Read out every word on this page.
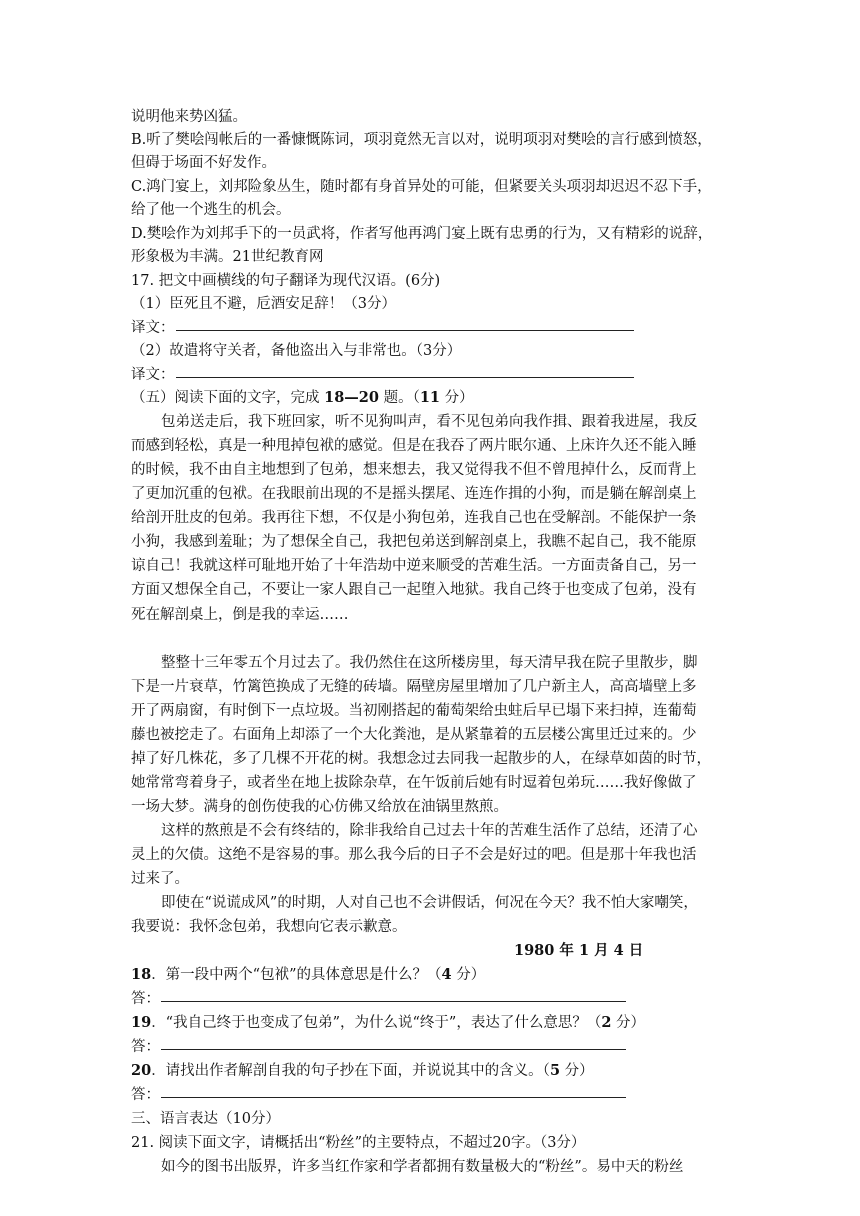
说明他来势凶猛。
B.听了樊哙闯帐后的一番慷慨陈词，项羽竟然无言以对，说明项羽对樊哙的言行感到愤怒，
但碍于场面不好发作。
C.鸿门宴上，刘邦险象丛生，随时都有身首异处的可能，但紧要关头项羽却迟迟不忍下手，
给了他一个逃生的机会。
D.樊哙作为刘邦手下的一员武将，作者写他再鸿门宴上既有忠勇的行为，又有精彩的说辞，
形象极为丰满。21世纪教育网
17. 把文中画横线的句子翻译为现代汉语。(6分)
（1）臣死且不避，卮酒安足辞！（3分）
译文：
（2）故遣将守关者，备他盗出入与非常也。（3分）
译文：
（五）阅读下面的文字，完成 18—20 题。（11 分）
包弟送走后，我下班回家，听不见狗叫声，看不见包弟向我作揖、跟着我进屋，我反
而感到轻松，真是一种甩掉包袱的感觉。但是在我吞了两片眠尔通、上床许久还不能入睡
的时候，我不由自主地想到了包弟，想来想去，我又觉得我不但不曾甩掉什么，反而背上
了更加沉重的包袱。在我眼前出现的不是摇头摆尾、连连作揖的小狗，而是躺在解剖桌上
给剖开肚皮的包弟。我再往下想，不仅是小狗包弟，连我自己也在受解剖。不能保护一条
小狗，我感到羞耻；为了想保全自己，我把包弟送到解剖桌上，我瞧不起自己，我不能原
谅自己！我就这样可耻地开始了十年浩劫中逆来顺受的苦难生活。一方面责备自己，另一
方面又想保全自己，不要让一家人跟自己一起堕入地狱。我自己终于也变成了包弟，没有
死在解剖桌上，倒是我的幸运……
整整十三年零五个月过去了。我仍然住在这所楼房里，每天清早我在院子里散步，脚
下是一片衰草，竹篱笆换成了无缝的砖墙。隔壁房屋里增加了几户新主人，高高墙壁上多
开了两扇窗，有时倒下一点垃圾。当初刚搭起的葡萄架给虫蛀后早已塌下来扫掉，连葡萄
藤也被挖走了。右面角上却添了一个大化粪池，是从紧靠着的五层楼公寓里迁过来的。少
掉了好几株花，多了几棵不开花的树。我想念过去同我一起散步的人，在绿草如茵的时节，
她常常弯着身子，或者坐在地上拔除杂草，在午饭前后她有时逗着包弟玩……我好像做了
一场大梦。满身的创伤使我的心仿佛又给放在油锅里熬煎。
这样的熬煎是不会有终结的，除非我给自己过去十年的苦难生活作了总结，还清了心
灵上的欠债。这绝不是容易的事。那么我今后的日子不会是好过的吧。但是那十年我也活
过来了。
即使在“说谎成风”的时期，人对自己也不会讲假话，何况在今天？我不怕大家嘲笑，
我要说：我怀念包弟，我想向它表示歉意。
1980 年 1 月 4 日
18．第一段中两个“包袱”的具体意思是什么？（4 分）
答：
19．“我自己终于也变成了包弟”，为什么说“终于”，表达了什么意思？（2 分）
答：
20．请找出作者解剖自我的句子抄在下面，并说说其中的含义。（5 分）
答：
三、语言表达（10分）
21. 阅读下面文字，请概括出“粉丝”的主要特点，不超过20字。（3分）
如今的图书出版界，许多当红作家和学者都拥有数量极大的“粉丝”。易中天的粉丝
